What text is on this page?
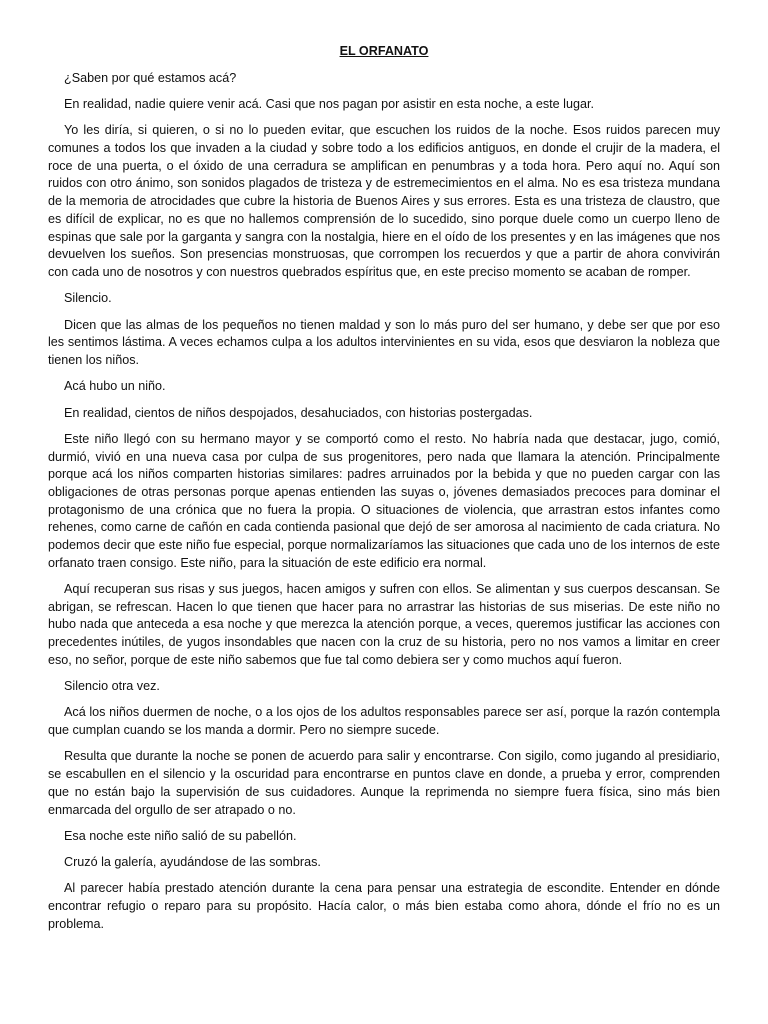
EL ORFANATO

¿Saben por qué estamos acá?

En realidad, nadie quiere venir acá. Casi que nos pagan por asistir en esta noche, a este lugar.

Yo les diría, si quieren, o si no lo pueden evitar, que escuchen los ruidos de la noche. Esos ruidos parecen muy comunes a todos los que invaden a la ciudad y sobre todo a los edificios antiguos, en donde el crujir de la madera, el roce de una puerta, o el óxido de una cerradura se amplifican en penumbras y a toda hora. Pero aquí no. Aquí son ruidos con otro ánimo, son sonidos plagados de tristeza y de estremecimientos en el alma. No es esa tristeza mundana de la memoria de atrocidades que cubre la historia de Buenos Aires y sus errores. Esta es una tristeza de claustro, que es difícil de explicar, no es que no hallemos comprensión de lo sucedido, sino porque duele como un cuerpo lleno de espinas que sale por la garganta y sangra con la nostalgia, hiere en el oído de los presentes y en las imágenes que nos devuelven los sueños. Son presencias monstruosas, que corrompen los recuerdos y que a partir de ahora convivirán con cada uno de nosotros y con nuestros quebrados espíritus que, en este preciso momento se acaban de romper.

Silencio.

Dicen que las almas de los pequeños no tienen maldad y son lo más puro del ser humano, y debe ser que por eso les sentimos lástima. A veces echamos culpa a los adultos intervinientes en su vida, esos que desviaron la nobleza que tienen los niños.

Acá hubo un niño.

En realidad, cientos de niños despojados, desahuciados, con historias postergadas.

Este niño llegó con su hermano mayor y se comportó como el resto. No habría nada que destacar, jugo, comió, durmió, vivió en una nueva casa por culpa de sus progenitores, pero nada que llamara la atención. Principalmente porque acá los niños comparten historias similares: padres arruinados por la bebida y que no pueden cargar con las obligaciones de otras personas porque apenas entienden las suyas o, jóvenes demasiados precoces para dominar el protagonismo de una crónica que no fuera la propia. O situaciones de violencia, que arrastran estos infantes como rehenes, como carne de cañón en cada contienda pasional que dejó de ser amorosa al nacimiento de cada criatura. No podemos decir que este niño fue especial, porque normalizaríamos las situaciones que cada uno de los internos de este orfanato traen consigo. Este niño, para la situación de este edificio era normal.

Aquí recuperan sus risas y sus juegos, hacen amigos y sufren con ellos. Se alimentan y sus cuerpos descansan. Se abrigan, se refrescan. Hacen lo que tienen que hacer para no arrastrar las historias de sus miserias. De este niño no hubo nada que anteceda a esa noche y que merezca la atención porque, a veces, queremos justificar las acciones con precedentes inútiles, de yugos insondables que nacen con la cruz de su historia, pero no nos vamos a limitar en creer eso, no señor, porque de este niño sabemos que fue tal como debiera ser y como muchos aquí fueron.

Silencio otra vez.

Acá los niños duermen de noche, o a los ojos de los adultos responsables parece ser así, porque la razón contempla que cumplan cuando se los manda a dormir. Pero no siempre sucede.

Resulta que durante la noche se ponen de acuerdo para salir y encontrarse. Con sigilo, como jugando al presidiario, se escabullen en el silencio y la oscuridad para encontrarse en puntos clave en donde, a prueba y error, comprenden que no están bajo la supervisión de sus cuidadores. Aunque la reprimenda no siempre fuera física, sino más bien enmarcada del orgullo de ser atrapado o no.

Esa noche este niño salió de su pabellón.

Cruzó la galería, ayudándose de las sombras.

Al parecer había prestado atención durante la cena para pensar una estrategia de escondite. Entender en dónde encontrar refugio o reparo para su propósito. Hacía calor, o más bien estaba como ahora, dónde el frío no es un problema.
